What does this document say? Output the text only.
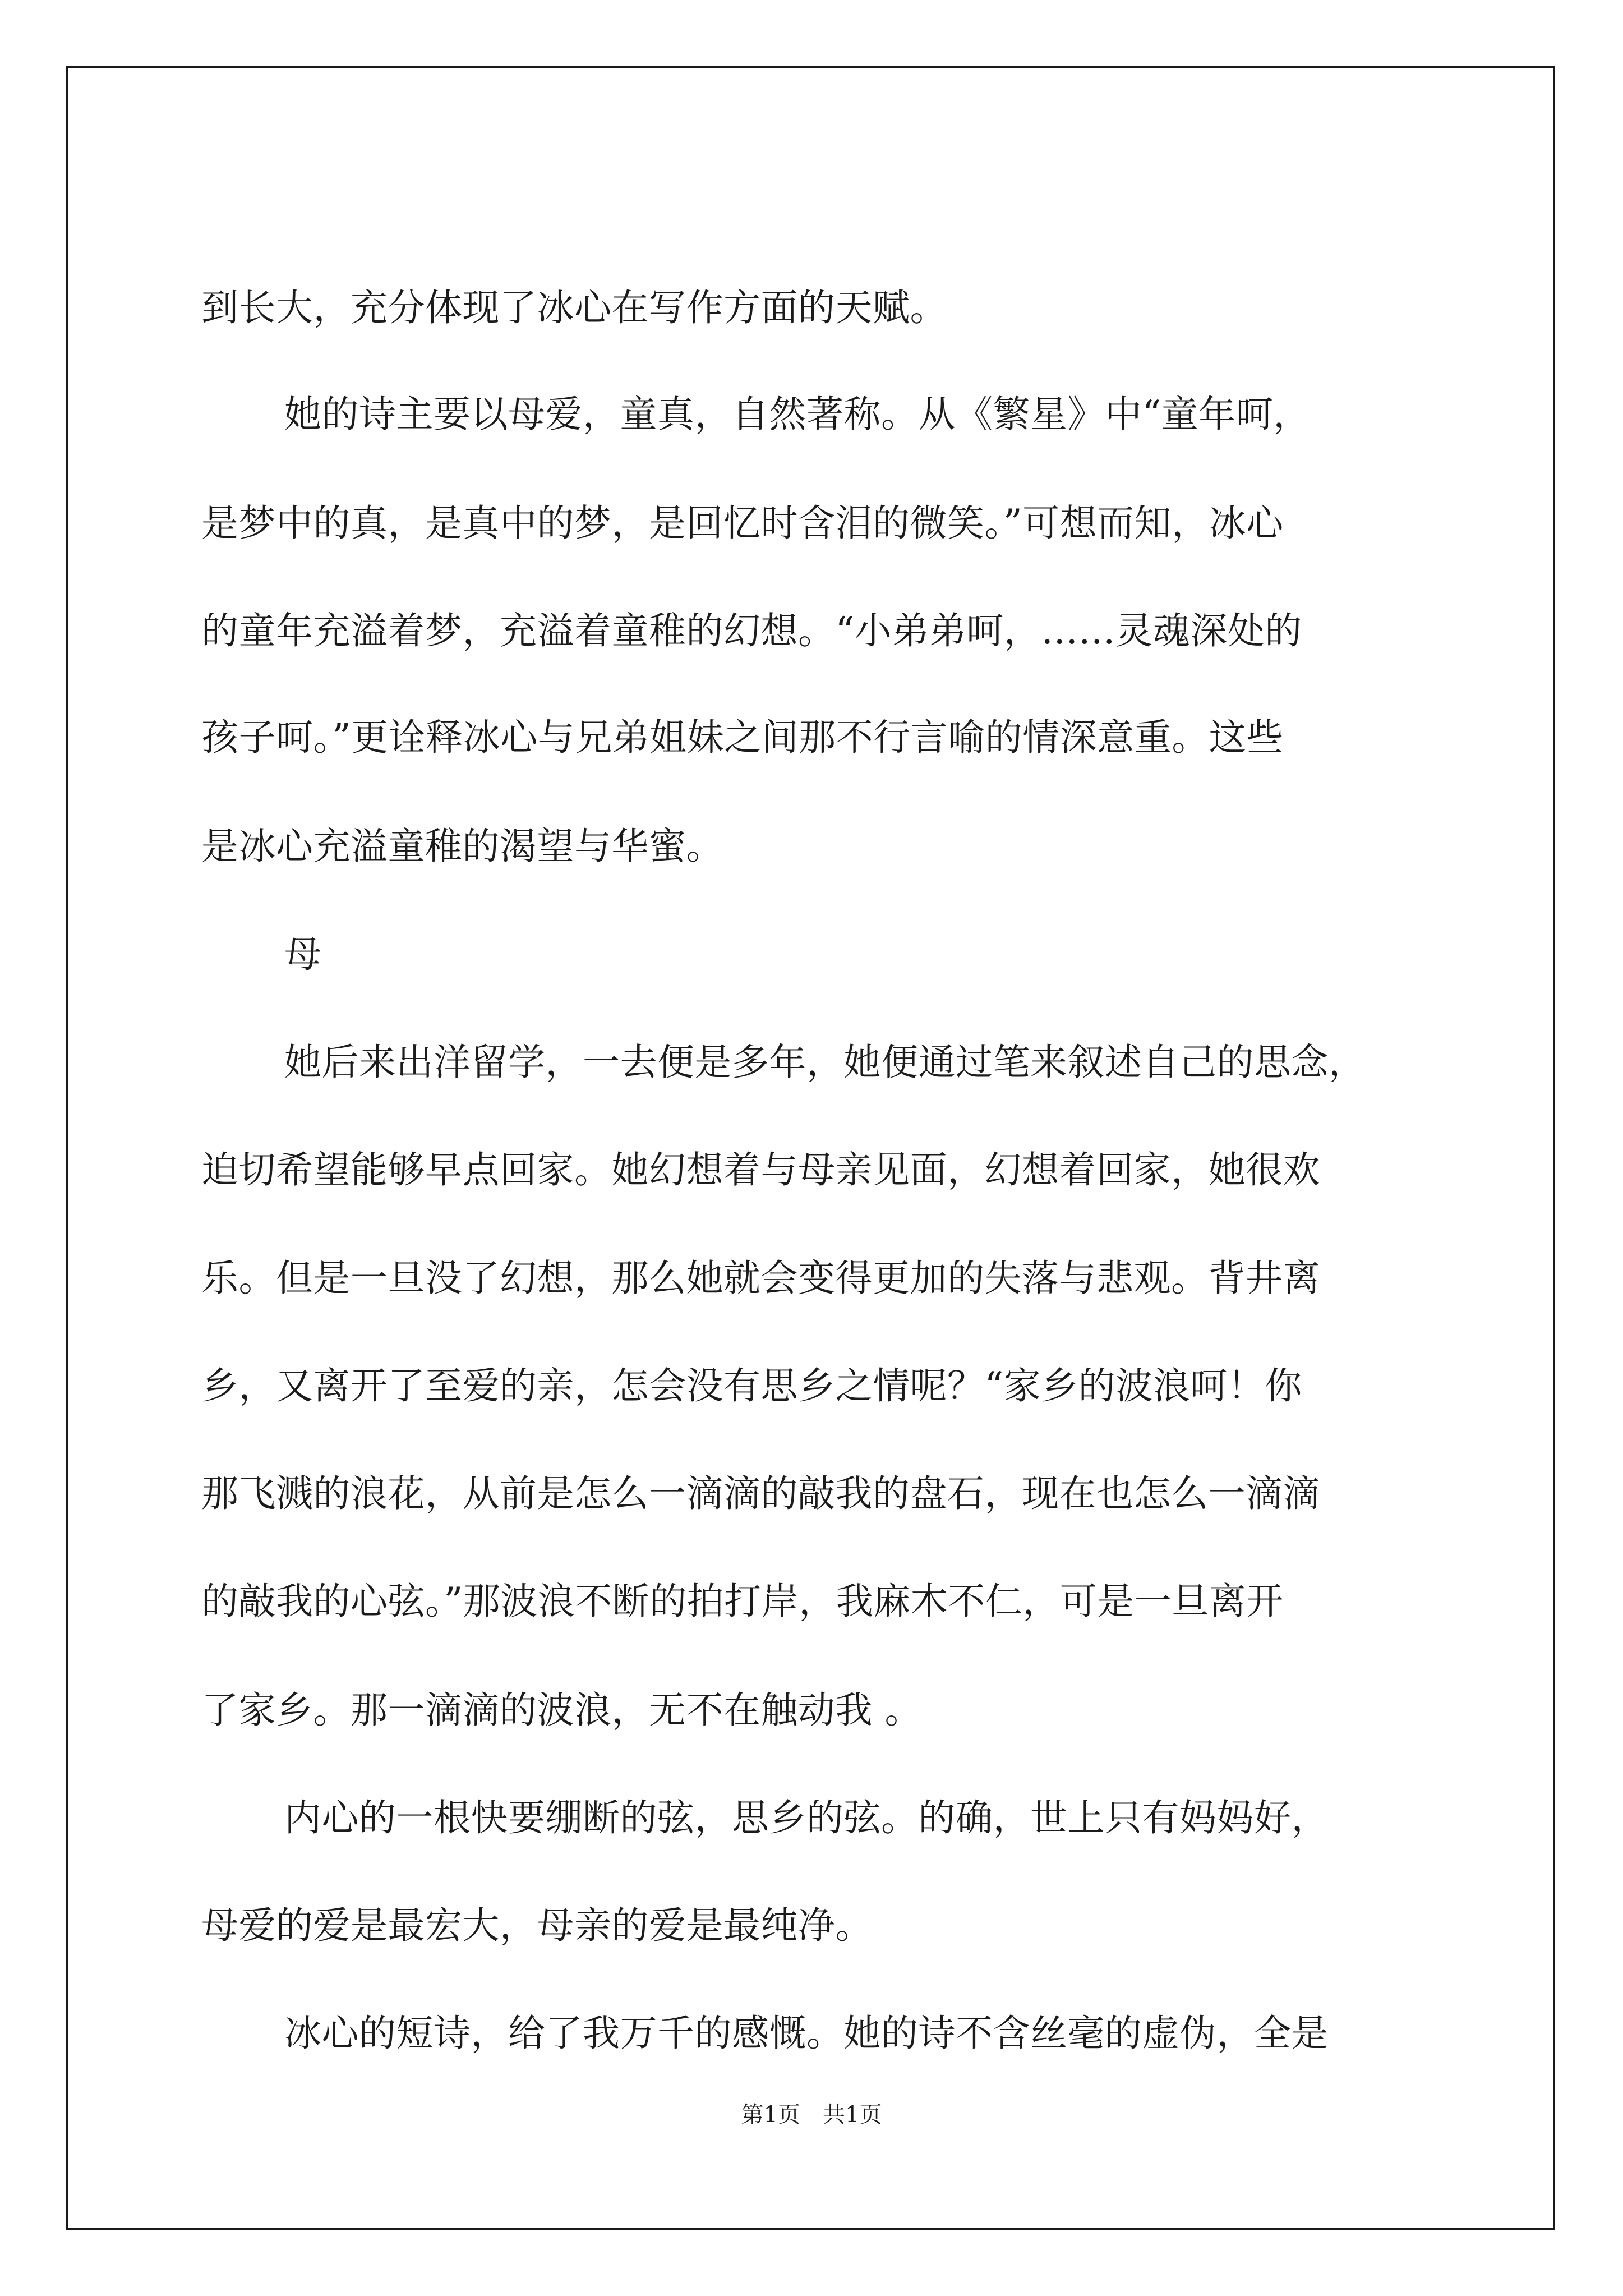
到长大，充分体现了冰心在写作方面的天赋。
她的诗主要以母爱，童真，自然著称。从《繁星》中“童年呵，
是梦中的真，是真中的梦，是回忆时含泪的微笑。”可想而知，冰心
的童年充溢着梦，充溢着童稚的幻想。“小弟弟呵，……灵魂深处的
孩子呵。”更诠释冰心与兄弟姐妹之间那不行言喻的情深意重。这些
是冰心充溢童稚的渴望与华蜜。
母
她后来出洋留学，一去便是多年，她便通过笔来叙述自己的思念，
迫切希望能够早点回家。她幻想着与母亲见面，幻想着回家，她很欢
乐。但是一旦没了幻想，那么她就会变得更加的失落与悲观。背井离
乡，又离开了至爱的亲，怎会没有思乡之情呢？“家乡的波浪呵！你
那飞溅的浪花，从前是怎么一滴滴的敲我的盘石，现在也怎么一滴滴
的敲我的心弦。”那波浪不断的拍打岸，我麻木不仁，可是一旦离开
了家乡。那一滴滴的波浪，无不在触动我 。
内心的一根快要绷断的弦，思乡的弦。的确，世上只有妈妈好，
母爱的爱是最宏大，母亲的爱是最纯净。
冰心的短诗，给了我万千的感慨。她的诗不含丝毫的虚伪，全是
第1页 共1页
